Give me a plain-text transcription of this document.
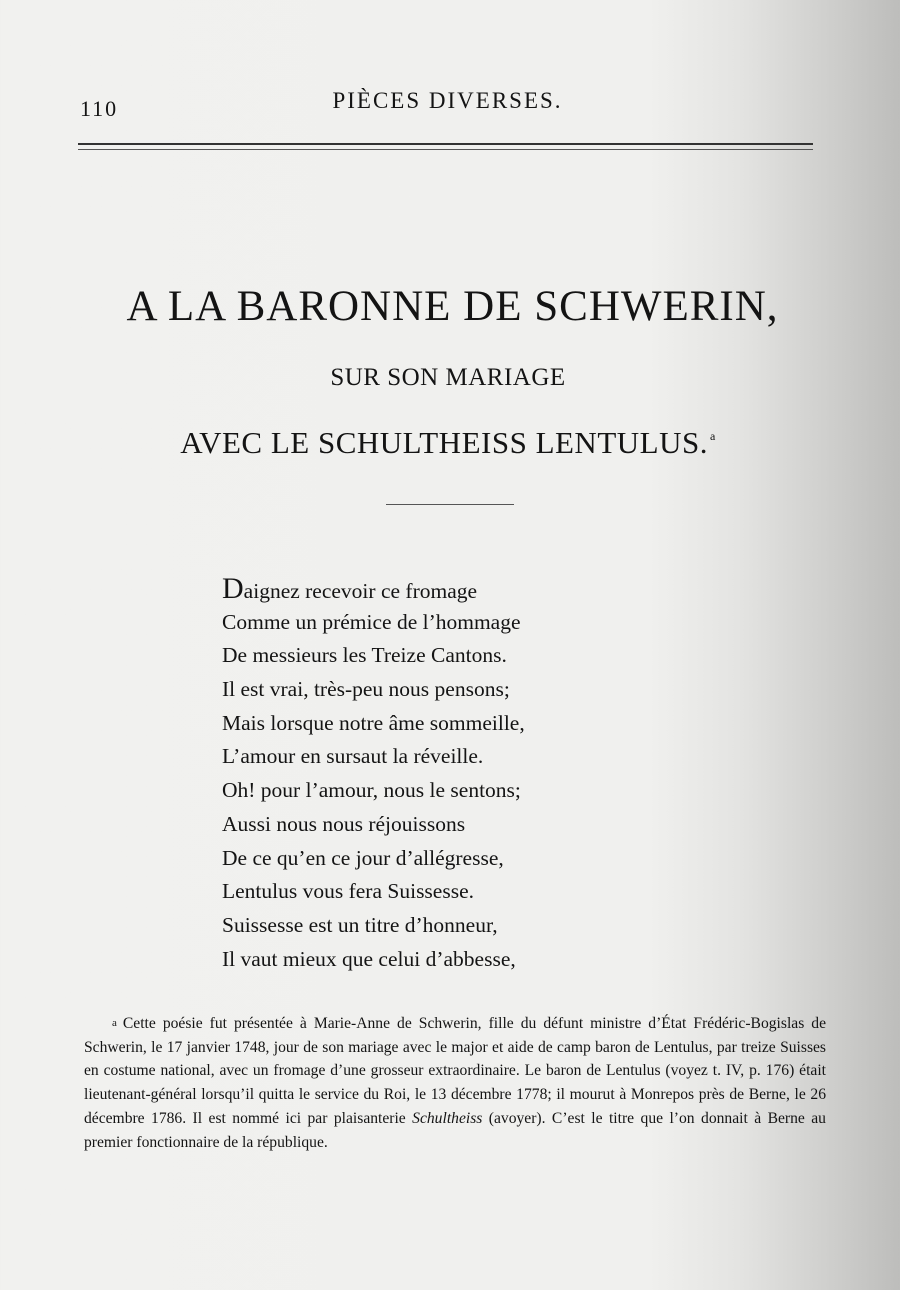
110	PIÈCES DIVERSES.
A LA BARONNE DE SCHWERIN,
SUR SON MARIAGE
AVEC LE SCHULTHEISS LENTULUS. $^a$
Daignez recevoir ce fromage
Comme un prémice de l’hommage
De messieurs les Treize Cantons.
Il est vrai, très-peu nous pensons;
Mais lorsque notre âme sommeille,
L’amour en sursaut la réveille.
Oh! pour l’amour, nous le sentons;
Aussi nous nous réjouissons
De ce qu’en ce jour d’allégresse,
Lentulus vous fera Suissesse.
Suissesse est un titre d’honneur,
Il vaut mieux que celui d’abbesse,
a Cette poésie fut présentée à Marie-Anne de Schwerin, fille du défunt ministre d’État Frédéric-Bogislas de Schwerin, le 17 janvier 1748, jour de son mariage avec le major et aide de camp baron de Lentulus, par treize Suisses en costume national, avec un fromage d’une grosseur extraordinaire. Le baron de Lentulus (voyez t. IV, p. 176) était lieutenant-général lorsqu’il quitta le service du Roi, le 13 décembre 1778; il mourut à Monrepos près de Berne, le 26 décembre 1786. Il est nommé ici par plaisanterie Schultheiss (avoyer). C’est le titre que l’on donnait à Berne au premier fonctionnaire de la république.
